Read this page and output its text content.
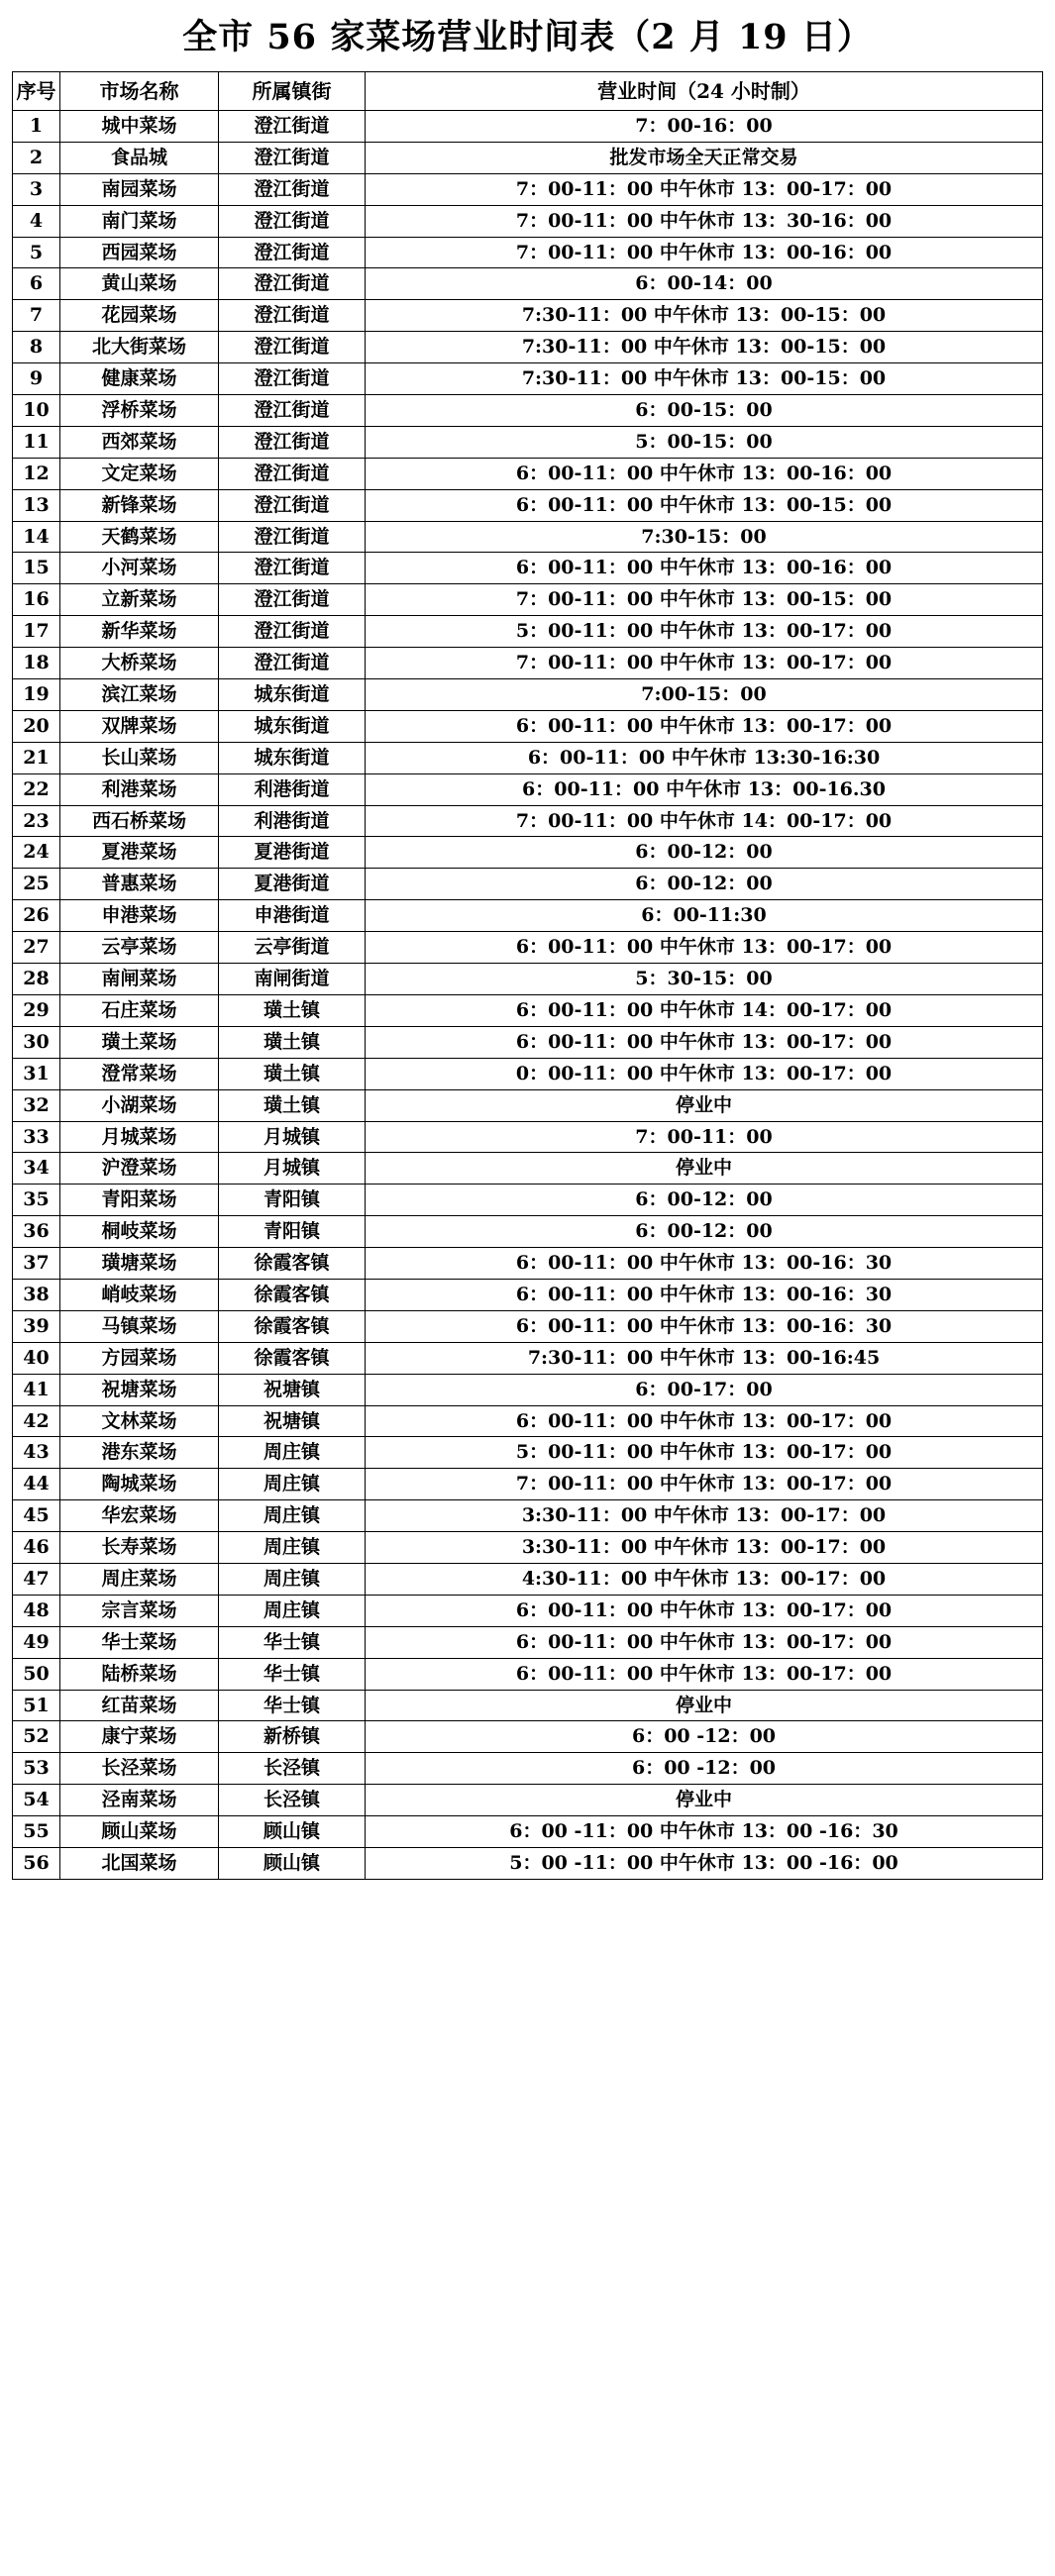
全市 56 家菜场营业时间表（2 月 19 日）
序号	市场名称	所属镇街	营业时间（24 小时制）
1	城中菜场	澄江街道	7：00-16：00
2	食品城	澄江街道	批发市场全天正常交易
3	南园菜场	澄江街道	7：00-11：00 中午休市 13：00-17：00
4	南门菜场	澄江街道	7：00-11：00 中午休市 13：30-16：00
5	西园菜场	澄江街道	7：00-11：00 中午休市 13：00-16：00
6	黄山菜场	澄江街道	6：00-14：00
7	花园菜场	澄江街道	7:30-11：00 中午休市 13：00-15：00
8	北大街菜场	澄江街道	7:30-11：00 中午休市 13：00-15：00
9	健康菜场	澄江街道	7:30-11：00 中午休市 13：00-15：00
10	浮桥菜场	澄江街道	6：00-15：00
11	西郊菜场	澄江街道	5：00-15：00
12	文定菜场	澄江街道	6：00-11：00 中午休市 13：00-16：00
13	新锋菜场	澄江街道	6：00-11：00 中午休市 13：00-15：00
14	天鹤菜场	澄江街道	7:30-15：00
15	小河菜场	澄江街道	6：00-11：00 中午休市 13：00-16：00
16	立新菜场	澄江街道	7：00-11：00 中午休市 13：00-15：00
17	新华菜场	澄江街道	5：00-11：00 中午休市 13：00-17：00
18	大桥菜场	澄江街道	7：00-11：00 中午休市 13：00-17：00
19	滨江菜场	城东街道	7:00-15：00
20	双牌菜场	城东街道	6：00-11：00 中午休市 13：00-17：00
21	长山菜场	城东街道	6：00-11：00 中午休市 13:30-16:30
22	利港菜场	利港街道	6：00-11：00 中午休市 13：00-16.30
23	西石桥菜场	利港街道	7：00-11：00 中午休市 14：00-17：00
24	夏港菜场	夏港街道	6：00-12：00
25	普惠菜场	夏港街道	6：00-12：00
26	申港菜场	申港街道	6：00-11:30
27	云亭菜场	云亭街道	6：00-11：00 中午休市 13：00-17：00
28	南闸菜场	南闸街道	5：30-15：00
29	石庄菜场	璜土镇	6：00-11：00 中午休市 14：00-17：00
30	璜土菜场	璜土镇	6：00-11：00 中午休市 13：00-17：00
31	澄常菜场	璜土镇	0：00-11：00 中午休市 13：00-17：00
32	小湖菜场	璜土镇	停业中
33	月城菜场	月城镇	7：00-11：00
34	沪澄菜场	月城镇	停业中
35	青阳菜场	青阳镇	6：00-12：00
36	桐岐菜场	青阳镇	6：00-12：00
37	璜塘菜场	徐霞客镇	6：00-11：00 中午休市 13：00-16：30
38	峭岐菜场	徐霞客镇	6：00-11：00 中午休市 13：00-16：30
39	马镇菜场	徐霞客镇	6：00-11：00 中午休市 13：00-16：30
40	方园菜场	徐霞客镇	7:30-11：00 中午休市 13：00-16:45
41	祝塘菜场	祝塘镇	6：00-17：00
42	文林菜场	祝塘镇	6：00-11：00 中午休市 13：00-17：00
43	港东菜场	周庄镇	5：00-11：00 中午休市 13：00-17：00
44	陶城菜场	周庄镇	7：00-11：00 中午休市 13：00-17：00
45	华宏菜场	周庄镇	3:30-11：00 中午休市 13：00-17：00
46	长寿菜场	周庄镇	3:30-11：00 中午休市 13：00-17：00
47	周庄菜场	周庄镇	4:30-11：00 中午休市 13：00-17：00
48	宗言菜场	周庄镇	6：00-11：00 中午休市 13：00-17：00
49	华士菜场	华士镇	6：00-11：00 中午休市 13：00-17：00
50	陆桥菜场	华士镇	6：00-11：00 中午休市 13：00-17：00
51	红苗菜场	华士镇	停业中
52	康宁菜场	新桥镇	6：00 -12：00
53	长泾菜场	长泾镇	6：00 -12：00
54	泾南菜场	长泾镇	停业中
55	顾山菜场	顾山镇	6：00 -11：00 中午休市 13：00 -16：30
56	北国菜场	顾山镇	5：00 -11：00 中午休市 13：00 -16：00
